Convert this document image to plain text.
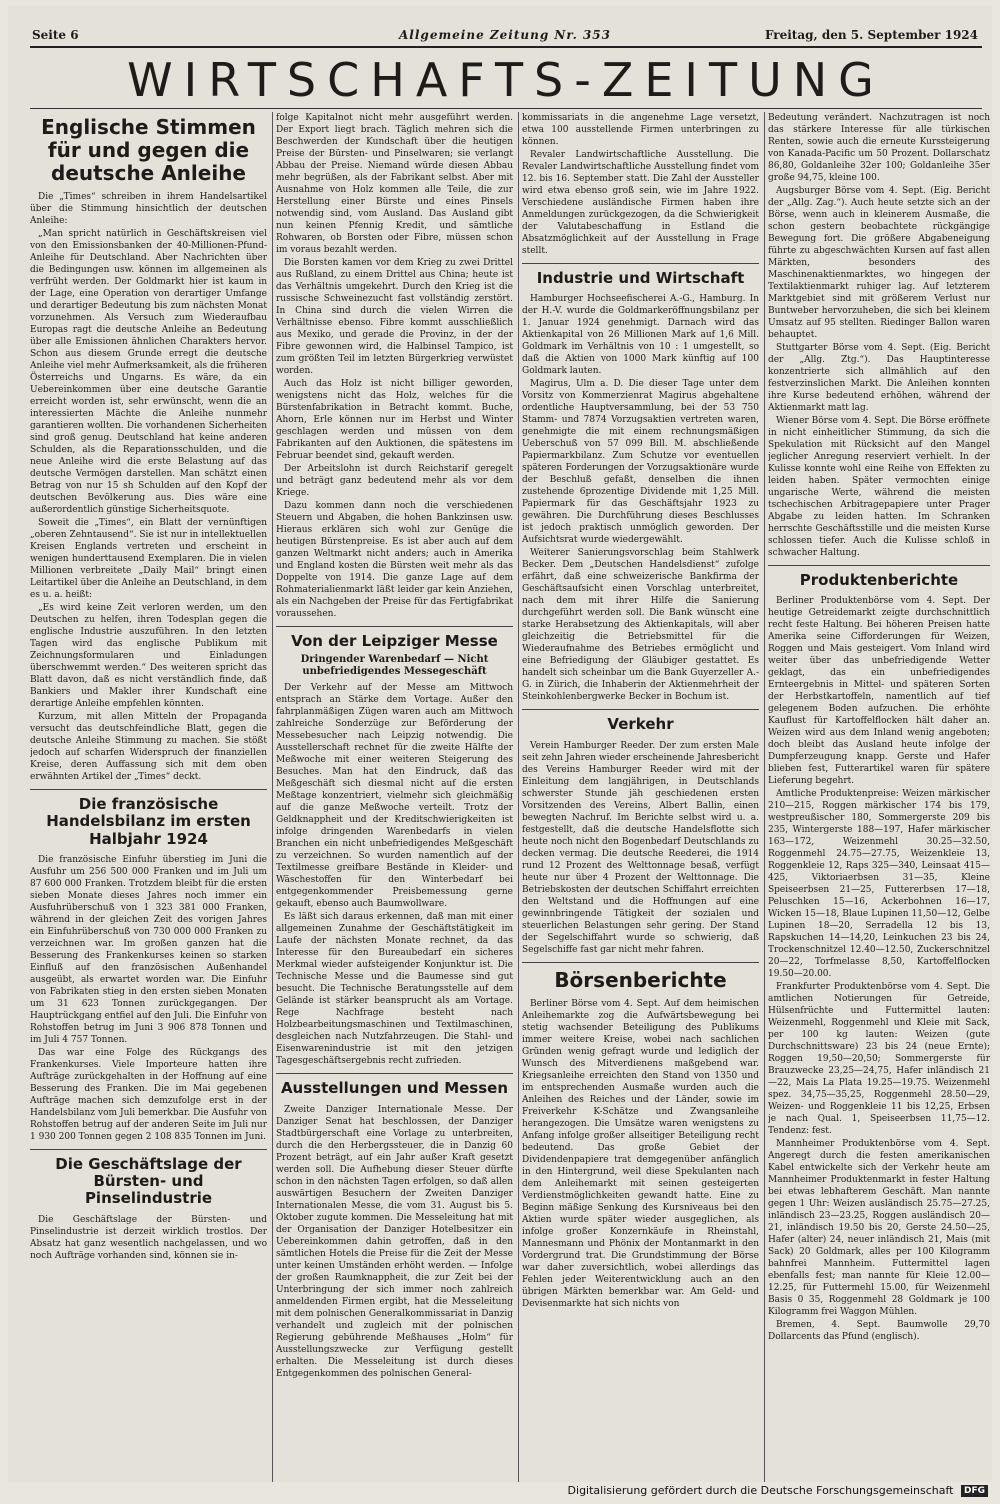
Seite 6	Allgemeine Zeitung Nr. 353	Freitag, den 5. September 1924
WIRTSCHAFTS-ZEITUNG
Englische Stimmen für und gegen die deutsche Anleihe

Die „Times“ schreiben in ihrem Handelsartikel über die Stimmung hinsichtlich der deutschen Anleihe:

„Man spricht natürlich in Geschäftskreisen viel von den Emissionsbanken der 40-Millionen-Pfund-Anleihe für Deutschland. Aber Nachrichten über die Bedingungen usw. können im allgemeinen als verfrüht werden. Der Goldmarkt hier ist kaum in der Lage, eine Operation von derartiger Umfange und derartiger Bedeutung bis zum nächsten Monat vorzunehmen. Als Versuch zum Wiederaufbau Europas ragt die deutsche Anleihe an Bedeutung über alle Emissionen ähnlichen Charakters hervor. Schon aus diesem Grunde erregt die deutsche Anleihe viel mehr Aufmerksamkeit, als die früheren Österreichs und Ungarns. Es wäre, da ein Uebereinkommen über eine deutsche Garantie erreicht worden ist, sehr erwünscht, wenn die an interessierten Mächte die Anleihe nunmehr garantieren wollten. Die vorhandenen Sicherheiten sind groß genug. Deutschland hat keine anderen Schulden, als die Reparationsschulden, und die neue Anleihe wird die erste Belastung auf das deutsche Vermögen darstellen. Man schätzt einen Betrag von nur 15 sh Schulden auf den Kopf der deutschen Bevölkerung aus. Dies wäre eine außerordentlich günstige Sicherheitsquote.

Soweit die „Times“, ein Blatt der vernünftigen „oberen Zehntausend“. Sie ist nur in intellektuellen Kreisen Englands vertreten und erscheint in wenigen hunderttausend Exemplaren. Die in vielen Millionen verbreitete „Daily Mail“ bringt einen Leitartikel über die Anleihe an Deutschland, in dem es u. a. heißt:

„Es wird keine Zeit verloren werden, um den Deutschen zu helfen, ihren Todesplan gegen die englische Industrie auszuführen. In den letzten Tagen wird das englische Publikum mit Zeichnungsformularen und Einladungen überschwemmt werden.“ Des weiteren spricht das Blatt davon, daß es nicht verständlich finde, daß Bankiers und Makler ihrer Kundschaft eine derartige Anleihe empfehlen könnten.

Kurzum, mit allen Mitteln der Propaganda versucht das deutschfeindliche Blatt, gegen die deutsche Anleihe Stimmung zu machen. Sie stößt jedoch auf scharfen Widerspruch der finanziellen Kreise, deren Auffassung sich mit dem oben erwähnten Artikel der „Times“ deckt.

Die französische Handelsbilanz im ersten Halbjahr 1924

Die französische Einfuhr überstieg im Juni die Ausfuhr um 256 500 000 Franken und im Juli um 87 600 000 Franken. Trotzdem bleibt für die ersten sieben Monate dieses Jahres noch immer ein Ausfuhrüberschuß von 1 323 381 000 Franken, während in der gleichen Zeit des vorigen Jahres ein Einfuhrüberschuß von 730 000 000 Franken zu verzeichnen war. Im großen ganzen hat die Besserung des Frankenkurses keinen so starken Einfluß auf den französischen Außenhandel ausgeübt, als erwartet worden war. Die Einfuhr von Fabrikaten stieg in den ersten sieben Monaten um 31 623 Tonnen zurückgegangen. Der Hauptrückgang entfiel auf den Juli. Die Einfuhr von Rohstoffen betrug im Juni 3 906 878 Tonnen und im Juli 4 757 Tonnen.

Das war eine Folge des Rückgangs des Frankenkurses. Viele Importeure hatten ihre Aufträge zurückgehalten in der Hoffnung auf eine Besserung des Franken. Die im Mai gegebenen Aufträge machen sich demzufolge erst in der Handelsbilanz vom Juli bemerkbar. Die Ausfuhr von Rohstoffen betrug auf der anderen Seite im Juli nur 1 930 200 Tonnen gegen 2 108 835 Tonnen im Juni.

Die Geschäftslage der Bürsten- und Pinselindustrie

Die Geschäftslage der Bürsten- und Pinselindustrie ist derzeit wirklich trostlos. Der Absatz hat ganz wesentlich nachgelassen, und wo noch Aufträge vorhanden sind, können sie in-

folge Kapitalnot nicht mehr ausgeführt werden. Der Export liegt brach. Täglich mehren sich die Beschwerden der Kundschaft über die heutigen Preise der Bürsten- und Pinselwaren; sie verlangt Abbau der Preise. Niemand würde diesen Abbau mehr begrüßen, als der Fabrikant selbst. Aber mit Ausnahme von Holz kommen alle Teile, die zur Herstellung einer Bürste und eines Pinsels notwendig sind, vom Ausland. Das Ausland gibt nun keinen Pfennig Kredit, und sämtliche Rohwaren, ob Borsten oder Fibre, müssen schon im voraus bezahlt werden.

Die Borsten kamen vor dem Krieg zu zwei Drittel aus Rußland, zu einem Drittel aus China; heute ist das Verhältnis umgekehrt. Durch den Krieg ist die russische Schweinezucht fast vollständig zerstört. In China sind durch die vielen Wirren die Verhältnisse ebenso. Fibre kommt ausschließlich aus Mexiko, und gerade die Provinz, in der der Fibre gewonnen wird, die Halbinsel Tampico, ist zum größten Teil im letzten Bürgerkrieg verwüstet worden.

Auch das Holz ist nicht billiger geworden, wenigstens nicht das Holz, welches für die Bürstenfabrikation in Betracht kommt. Buche, Ahorn, Erle können nur im Herbst und Winter geschlagen werden und müssen von dem Fabrikanten auf den Auktionen, die spätestens im Februar beendet sind, gekauft werden.

Der Arbeitslohn ist durch Reichstarif geregelt und beträgt ganz bedeutend mehr als vor dem Kriege.

Dazu kommen dann noch die verschiedenen Steuern und Abgaben, die hohen Bankzinsen usw. Hieraus erklären sich wohl zur Genüge die heutigen Bürstenpreise. Es ist aber auch auf dem ganzen Weltmarkt nicht anders; auch in Amerika und England kosten die Bürsten weit mehr als das Doppelte von 1914. Die ganze Lage auf dem Rohmaterialienmarkt läßt leider gar kein Anziehen, als ein Nachgeben der Preise für das Fertigfabrikat voraussehen.

Von der Leipziger Messe
Dringender Warenbedarf — Nicht unbefriedigendes Messegeschäft

Der Verkehr auf der Messe am Mittwoch entsprach an Stärke dem Vortage. Außer den fahrplanmäßigen Zügen waren auch am Mittwoch zahlreiche Sonderzüge zur Beförderung der Messebesucher nach Leipzig notwendig. Die Ausstellerschaft rechnet für die zweite Hälfte der Meßwoche mit einer weiteren Steigerung des Besuches. Man hat den Eindruck, daß das Meßgeschäft sich diesmal nicht auf die ersten Meßtage konzentriert, vielmehr sich gleichmäßig auf die ganze Meßwoche verteilt. Trotz der Geldknappheit und der Kreditschwierigkeiten ist infolge dringenden Warenbedarfs in vielen Branchen ein nicht unbefriedigendes Meßgeschäft zu verzeichnen. So wurden namentlich auf der Textilmesse greifbare Bestände in Kleider- und Wäschestoffen für den Winterbedarf bei entgegenkommender Preisbemessung gerne gekauft, ebenso auch Baumwollware.

Es läßt sich daraus erkennen, daß man mit einer allgemeinen Zunahme der Geschäftstätigkeit im Laufe der nächsten Monate rechnet, da das Interesse für den Bureaubedarf ein sicheres Merkmal wieder aufsteigender Konjunktur ist. Die Technische Messe und die Baumesse sind gut besucht. Die Technische Beratungsstelle auf dem Gelände ist stärker beansprucht als am Vortage. Rege Nachfrage besteht nach Holzbearbeitungsmaschinen und Textilmaschinen, desgleichen nach Nutzfahrzeugen. Die Stahl- und Eisenwarenindustrie ist mit den jetzigen Tagesgeschäftsergebnis recht zufrieden.

Ausstellungen und Messen

Zweite Danziger Internationale Messe. Der Danziger Senat hat beschlossen, der Danziger Stadtbürgerschaft eine Vorlage zu unterbreiten, durch die den Herbergssteuer, die in Danzig 60 Prozent beträgt, auf ein Jahr außer Kraft gesetzt werden soll. Die Aufhebung dieser Steuer dürfte schon in den nächsten Tagen erfolgen, so daß allen auswärtigen Besuchern der Zweiten Danziger Internationalen Messe, die vom 31. August bis 5. Oktober zugute kommen. Die Messeleitung hat mit der Organisation der Danziger Hotelbesitzer ein Uebereinkommen dahin getroffen, daß in den sämtlichen Hotels die Preise für die Zeit der Messe unter keinen Umständen erhöht werden. — Infolge der großen Raumknappheit, die zur Zeit bei der Unterbringung der sich immer noch zahlreich anmeldenden Firmen ergibt, hat die Messeleitung mit dem polnischen Generalkommissariat in Danzig verhandelt und zugleich mit der polnischen Regierung gebührende Meßhauses „Holm“ für Ausstellungszwecke zur Verfügung gestellt erhalten. Die Messeleitung ist durch dieses Entgegenkommen des polnischen General-

kommissariats in die angenehme Lage versetzt, etwa 100 ausstellende Firmen unterbringen zu können.

Revaler Landwirtschaftliche Ausstellung. Die Revaler Landwirtschaftliche Ausstellung findet vom 12. bis 16. September statt. Die Zahl der Aussteller wird etwa ebenso groß sein, wie im Jahre 1922. Verschiedene ausländische Firmen haben ihre Anmeldungen zurückgezogen, da die Schwierigkeit der Valutabeschaffung in Estland die Absatzmöglichkeit auf der Ausstellung in Frage stellt.

Industrie und Wirtschaft

Hamburger Hochseefischerei A.-G., Hamburg. In der H.-V. wurde die Goldmarkeröffnungsbilanz per 1. Januar 1924 genehmigt. Darnach wird das Aktienkapital von 26 Millionen Mark auf 1,6 Mill. Goldmark im Verhältnis von 10 : 1 umgestellt, so daß die Aktien von 1000 Mark künftig auf 100 Goldmark lauten.

Magirus, Ulm a. D. Die dieser Tage unter dem Vorsitz von Kommerzienrat Magirus abgehaltene ordentliche Hauptversammlung, bei der 53 750 Stamm- und 7874 Vorzugsaktien vertreten waren, genehmigte die mit einem rechnungsmäßigen Ueberschuß von 57 099 Bill. M. abschließende Papiermarkbilanz. Zum Schutze vor eventuellen späteren Forderungen der Vorzugsaktionäre wurde der Beschluß gefaßt, denselben die ihnen zustehende 6prozentige Dividende mit 1,25 Mill. Papiermark für das Geschäftsjahr 1923 zu gewähren. Die Durchführung dieses Beschlusses ist jedoch praktisch unmöglich geworden. Der Aufsichtsrat wurde wiedergewählt.

Weiterer Sanierungsvorschlag beim Stahlwerk Becker. Dem „Deutschen Handelsdienst“ zufolge erfährt, daß eine schweizerische Bankfirma der Geschäftsaufsicht einen Vorschlag unterbreitet, nach dem mit ihrer Hilfe die Sanierung durchgeführt werden soll. Die Bank wünscht eine starke Herabsetzung des Aktienkapitals, will aber gleichzeitig die Betriebsmittel für die Wiederaufnahme des Betriebes ermöglicht und eine Befriedigung der Gläubiger gestattet. Es handelt sich scheinbar um die Bank Guyerzeller A.-G. in Zürich, die Inhaberin der Aktienmehrheit der Steinkohlenbergwerke Becker in Bochum ist.

Verkehr

Verein Hamburger Reeder. Der zum ersten Male seit zehn Jahren wieder erscheinende Jahresbericht des Vereins Hamburger Reeder wird mit der Einleitung dem langjährigen, in Deutschlands schwerster Stunde jäh geschiedenen ersten Vorsitzenden des Vereins, Albert Ballin, einen bewegten Nachruf. Im Berichte selbst wird u. a. festgestellt, daß die deutsche Handelsflotte sich heute noch nicht den Bogenbedarf Deutschlands zu decken vermag. Die deutsche Reederei, die 1914 rund 12 Prozent des Welttonnage besaß, verfügt heute nur über 4 Prozent der Welttonnage. Die Betriebskosten der deutschen Schiffahrt erreichten den Weltstand und die Hoffnungen auf eine gewinnbringende Tätigkeit der sozialen und steuerlichen Belastungen sehr gering. Der Stand der Segelschiffahrt wurde so schwierig, daß Segelschiffe fast gar nicht mehr fahren.

Börsenberichte

Berliner Börse vom 4. Sept. Auf dem heimischen Anleihemarkte zog die Aufwärtsbewegung bei stetig wachsender Beteiligung des Publikums immer weitere Kreise, wobei nach sachlichen Gründen wenig gefragt wurde und lediglich der Wunsch des Mitverdienens maßgebend war. Kriegsanleihe erreichten den Stand von 1350 und im entsprechenden Ausmaße wurden auch die Anleihen des Reiches und der Länder, sowie im Freiverkehr K-Schätze und Zwangsanleihe herangezogen. Die Umsätze waren wenigstens zu Anfang infolge großer allseitiger Beteiligung recht bedeutend. Das große Gebiet der Dividendenpapiere trat demgegenüber anfänglich in den Hintergrund, weil diese Spekulanten nach dem Anleihemarkt mit seinen gesteigerten Verdienstmöglichkeiten gewandt hatte. Eine zu Beginn mäßige Senkung des Kursniveaus bei den Aktien wurde später wieder ausgeglichen, als infolge großer Konzernkäufe in Rheinstahl, Mannesmann und Phönix der Montanmarkt in den Vordergrund trat. Die Grundstimmung der Börse war daher zuversichtlich, wobei allerdings das Fehlen jeder Weiterentwicklung auch an den übrigen Märkten bemerkbar war. Am Geld- und Devisenmarkte hat sich nichts von

Bedeutung verändert. Nachzutragen ist noch das stärkere Interesse für alle türkischen Renten, sowie auch die erneute Kurssteigerung von Kanada-Pacific um 50 Prozent. Dollarschatz 86,80, Goldanleihe 32er 100; Goldanleihe 35er große 94,75, kleine 100.

Augsburger Börse vom 4. Sept. (Eig. Bericht der „Allg. Zag.“). Auch heute setzte sich an der Börse, wenn auch in kleinerem Ausmaße, die schon gestern beobachtete rückgängige Bewegung fort. Die größere Abgabeneigung führte zu abgeschwächten Kursen auf fast allen Märkten, besonders des Maschinenaktienmarktes, wo hingegen der Textilaktienmarkt ruhiger lag. Auf letzterem Marktgebiet sind mit größerem Verlust nur Buntweber hervorzuheben, die sich bei kleinem Umsatz auf 95 stellten. Riedinger Ballon waren behauptet.

Stuttgarter Börse vom 4. Sept. (Eig. Bericht der „Allg. Ztg.“). Das Hauptinteresse konzentrierte sich allmählich auf den festverzinslichen Markt. Die Anleihen konnten ihre Kurse bedeutend erhöhen, während der Aktienmarkt matt lag.

Wiener Börse vom 4. Sept. Die Börse eröffnete in nicht einheitlicher Stimmung, da sich die Spekulation mit Rücksicht auf den Mangel jeglicher Anregung reserviert verhielt. In der Kulisse konnte wohl eine Reihe von Effekten zu leiden haben. Später vermochten einige ungarische Werte, während die meisten tschechischen Arbitragepapiere unter Prager Abgabe zu leiden hatten. Im Schranken herrschte Geschäftsstille und die meisten Kurse schlossen tiefer. Auch die Kulisse schloß in schwacher Haltung.

Produktenberichte

Berliner Produktenbörse vom 4. Sept. Der heutige Getreidemarkt zeigte durchschnittlich recht feste Haltung. Bei höheren Preisen hatte Amerika seine Cifforderungen für Weizen, Roggen und Mais gesteigert. Vom Inland wird weiter über das unbefriedigende Wetter geklagt, das ein unbefriedigendes Ernteergebnis in Mittel- und späteren Sorten der Herbstkartoffeln, namentlich auf tief gelegenem Boden aufzuchen. Die erhöhte Kauflust für Kartoffelflocken hält daher an. Weizen wird aus dem Inland wenig angeboten; doch bleibt das Ausland heute infolge der Dumpferzeugung knapp. Gerste und Hafer blieben fest, Futterartikel waren für spätere Lieferung begehrt.

Amtliche Produktenpreise: Weizen märkischer 210—215, Roggen märkischer 174 bis 179, westpreußischer 180, Sommergerste 209 bis 235, Wintergerste 188—197, Hafer märkischer 163—172, Weizenmehl 30.25—32.50, Roggenmehl 24.75—27.75, Weizenkleie 13, Roggenkleie 12, Raps 325—340, Leinsaat 415—425, Viktoriaerbsen 31—35, Kleine Speiseerbsen 21—25, Futtererbsen 17—18, Peluschken 15—16, Ackerbohnen 16—17, Wicken 15—18, Blaue Lupinen 11,50—12, Gelbe Lupinen 18—20, Serradella 12 bis 13, Rapskuchen 14—14,20, Leinkuchen 23 bis 24, Trockenschnitzel 12.40—12.50, Zuckerschnitzel 20—22, Torfmelasse 8,50, Kartoffelflocken 19.50—20.00.

Frankfurter Produktenbörse vom 4. Sept. Die amtlichen Notierungen für Getreide, Hülsenfrüchte und Futtermittel lauten: Weizenmehl, Roggenmehl und Kleie mit Sack, per 100 kg lauten: Weizen (gute Durchschnittsware) 23 bis 24 (neue Ernte); Roggen 19,50—20,50; Sommergerste für Brauzwecke 23,25—24,75, Hafer inländisch 21—22, Mais La Plata 19.25—19.75. Weizenmehl spez. 34,75—35,25, Roggenmehl 28.50—29, Weizen- und Roggenkleie 11 bis 12,25, Erbsen je nach Qual. 1, Speiseerbsen 11,75—12. Tendenz: fest.

Mannheimer Produktenbörse vom 4. Sept. Angeregt durch die festen amerikanischen Kabel entwickelte sich der Verkehr heute am Mannheimer Produktenmarkt in fester Haltung bei etwas lebhafterem Geschäft. Man nannte gegen 1 Uhr: Weizen ausländisch 25.75—27.25, inländisch 23—23.25, Roggen ausländisch 20—21, inländisch 19.50 bis 20, Gerste 24.50—25, Hafer (alter) 24, neuer inländisch 21, Mais (mit Sack) 20 Goldmark, alles per 100 Kilogramm bahnfrei Mannheim. Futtermittel lagen ebenfalls fest; man nannte für Kleie 12.00—12.25, für Futtermehl 15.00, für Weizenmehl Basis 0 35, Roggenmehl 28 Goldmark je 100 Kilogramm frei Waggon Mühlen.

Bremen, 4. Sept. Baumwolle 29,70 Dollarcents das Pfund (englisch).

Digitalisierung gefördert durch die Deutsche Forschungsgemeinschaft DFG
